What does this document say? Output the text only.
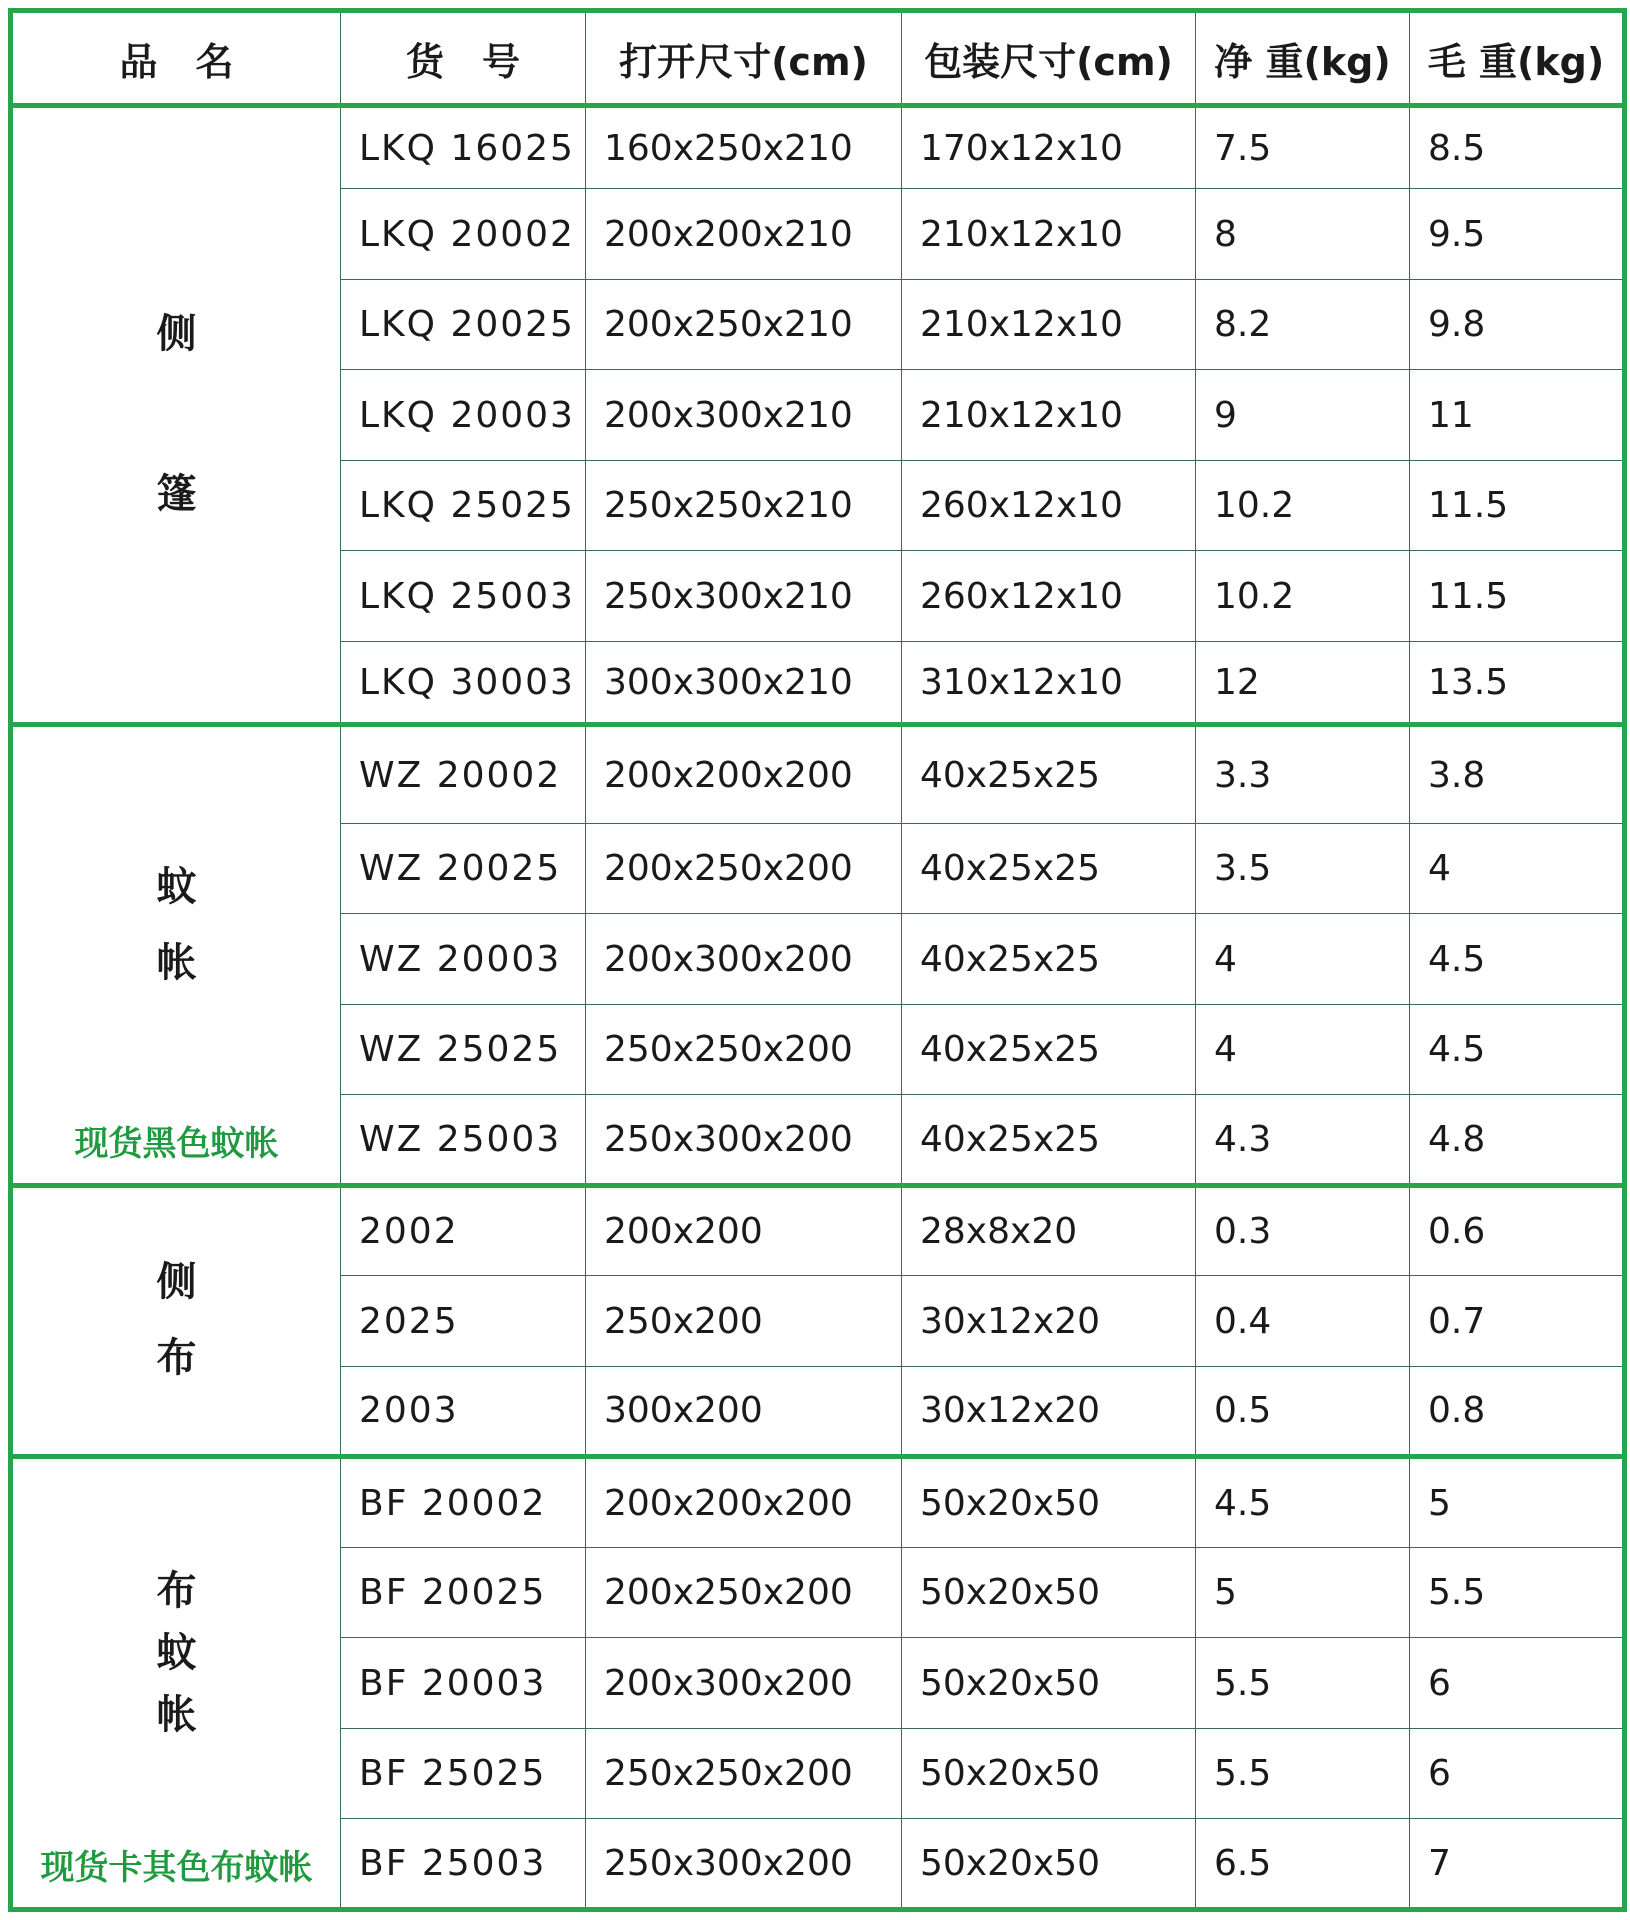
品　名	货　号	打开尺寸(cm)	包装尺寸(cm)	净 重(kg)	毛 重(kg)

侧
篷	LKQ 16025	160x250x210	170x12x10	7.5	8.5
	LKQ 20002	200x200x210	210x12x10	8	9.5
	LKQ 20025	200x250x210	210x12x10	8.2	9.8
	LKQ 20003	200x300x210	210x12x10	9	11
	LKQ 25025	250x250x210	260x12x10	10.2	11.5
	LKQ 25003	250x300x210	260x12x10	10.2	11.5
	LKQ 30003	300x300x210	310x12x10	12	13.5

蚊
帐
现货黑色蚊帐	WZ 20002	200x200x200	40x25x25	3.3	3.8
	WZ 20025	200x250x200	40x25x25	3.5	4
	WZ 20003	200x300x200	40x25x25	4	4.5
	WZ 25025	250x250x200	40x25x25	4	4.5
	WZ 25003	250x300x200	40x25x25	4.3	4.8

侧
布	2002	200x200	28x8x20	0.3	0.6
	2025	250x200	30x12x20	0.4	0.7
	2003	300x200	30x12x20	0.5	0.8

布
蚊
帐
现货卡其色布蚊帐	BF 20002	200x200x200	50x20x50	4.5	5
	BF 20025	200x250x200	50x20x50	5	5.5
	BF 20003	200x300x200	50x20x50	5.5	6
	BF 25025	250x250x200	50x20x50	5.5	6
	BF 25003	250x300x200	50x20x50	6.5	7
